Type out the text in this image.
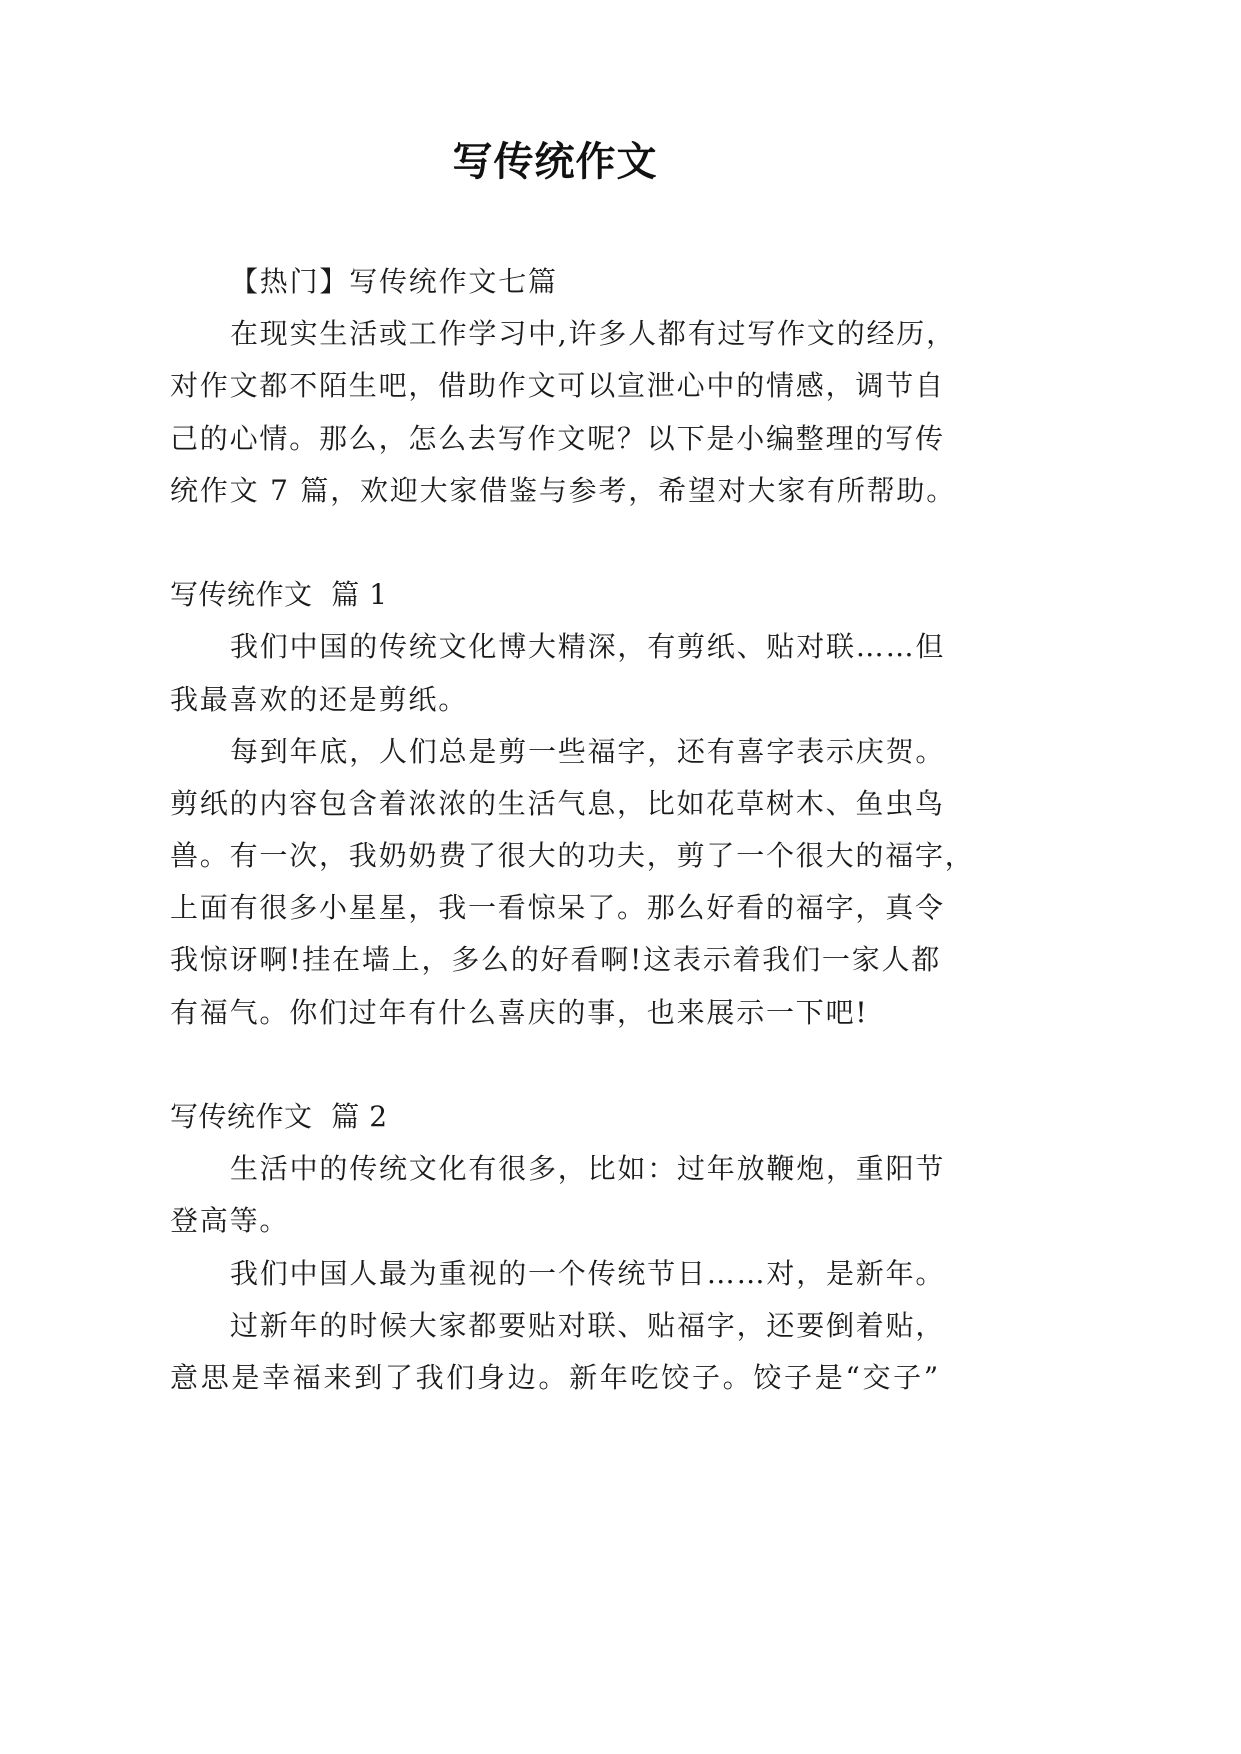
写传统作文
【热门】写传统作文七篇
在现实生活或工作学习中,许多人都有过写作文的经历，
对作文都不陌生吧，借助作文可以宣泄心中的情感，调节自
己的心情。那么，怎么去写作文呢？以下是小编整理的写传
统作文 7 篇，欢迎大家借鉴与参考，希望对大家有所帮助。
写传统作文  篇 1
我们中国的传统文化博大精深，有剪纸、贴对联……但
我最喜欢的还是剪纸。
每到年底，人们总是剪一些福字，还有喜字表示庆贺。
剪纸的内容包含着浓浓的生活气息，比如花草树木、鱼虫鸟
兽。有一次，我奶奶费了很大的功夫，剪了一个很大的福字，
上面有很多小星星，我一看惊呆了。那么好看的福字，真令
我惊讶啊!挂在墙上，多么的好看啊!这表示着我们一家人都
有福气。你们过年有什么喜庆的事，也来展示一下吧!
写传统作文  篇 2
生活中的传统文化有很多，比如：过年放鞭炮，重阳节
登高等。
我们中国人最为重视的一个传统节日……对，是新年。
过新年的时候大家都要贴对联、贴福字，还要倒着贴，
意思是幸福来到了我们身边。新年吃饺子。饺子是“交子”
